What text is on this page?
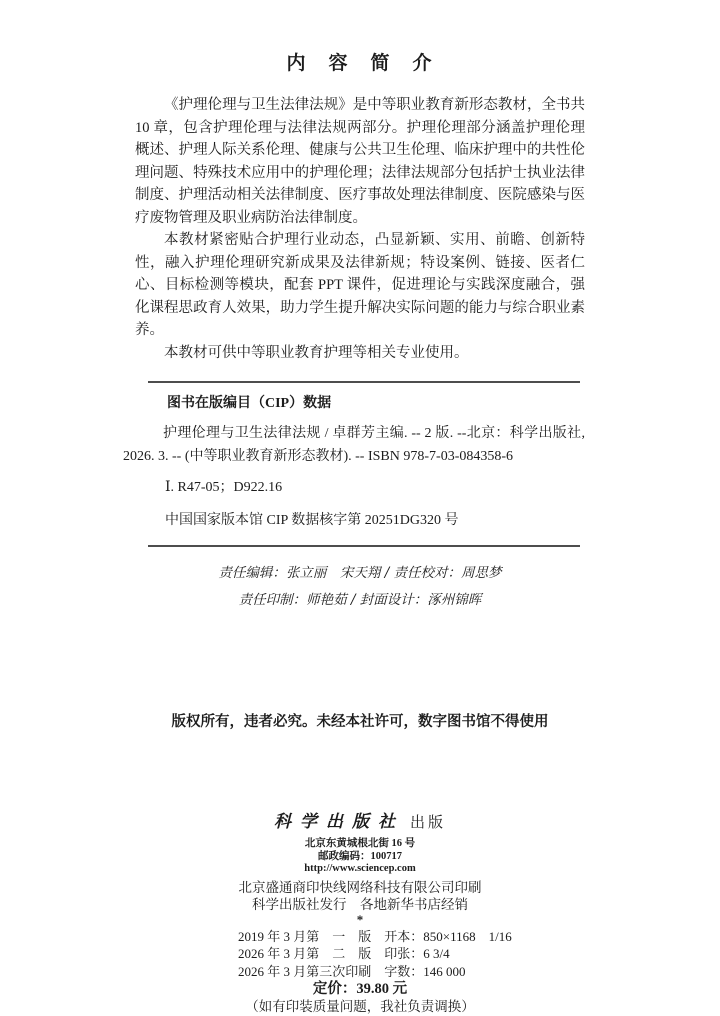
内　容　简　介

《护理伦理与卫生法律法规》是中等职业教育新形态教材，全书共 10 章，包含护理伦理与法律法规两部分。护理伦理部分涵盖护理伦理概述、护理人际关系伦理、健康与公共卫生伦理、临床护理中的共性伦理问题、特殊技术应用中的护理伦理；法律法规部分包括护士执业法律制度、护理活动相关法律制度、医疗事故处理法律制度、医院感染与医疗废物管理及职业病防治法律制度。

本教材紧密贴合护理行业动态，凸显新颖、实用、前瞻、创新特性，融入护理伦理研究新成果及法律新规；特设案例、链接、医者仁心、目标检测等模块，配套 PPT 课件，促进理论与实践深度融合，强化课程思政育人效果，助力学生提升解决实际问题的能力与综合职业素养。

本教材可供中等职业教育护理等相关专业使用。

图书在版编目（CIP）数据

护理伦理与卫生法律法规 / 卓群芳主编. -- 2 版. --北京：科学出版社, 2026. 3. -- (中等职业教育新形态教材). -- ISBN 978-7-03-084358-6

Ⅰ. R47-05；D922.16
中国国家版本馆 CIP 数据核字第 20251DG320 号
责任编辑：张立丽　宋天翔 / 责任校对：周思梦
责任印制：师艳茹 / 封面设计：涿州锦晖
版权所有，违者必究。未经本社许可，数字图书馆不得使用
科学出版社 出版
北京东黄城根北街 16 号
邮政编码：100717
http://www.sciencep.com
北京盛通商印快线网络科技有限公司印刷
科学出版社发行　各地新华书店经销
*
2019 年 3 月第　一　版　开本：850×1168　1/16
2026 年 3 月第　二　版　印张：6 3/4
2026 年 3 月第三次印刷　字数：146 000
定价：39.80 元
（如有印装质量问题，我社负责调换）
